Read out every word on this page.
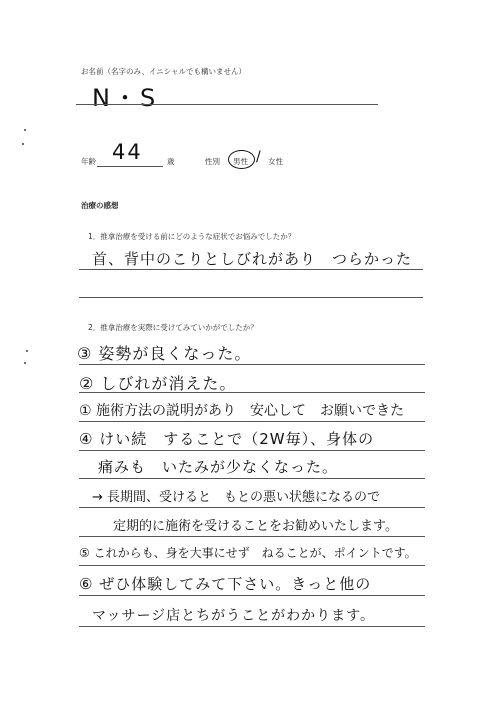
お名前（名字のみ、イニシャルでも構いません）
N・S
年齢 44	歳	性別 男性 / 女性
治療の感想
1．推拿治療を受ける前にどのような症状でお悩みでしたか？
首、背中のこりとしびれがあり　つらかった
2．推拿治療を実際に受けてみていかがでしたか？
③ 姿勢が良くなった。
② しびれが消えた。
① 施術方法の説明があり　安心して　お願いできた
④ けい続　することで（2W毎）、身体の
痛みも　いたみが少なくなった。
→ 長期間、受けると　もとの悪い状態になるので
定期的に施術を受けることをお勧めいたします。
⑤ これからも、身を大事にせず　ねることが、ポイントです。
⑥ ぜひ体験してみて下さい。きっと他の
マッサージ店とちがうことがわかります。
